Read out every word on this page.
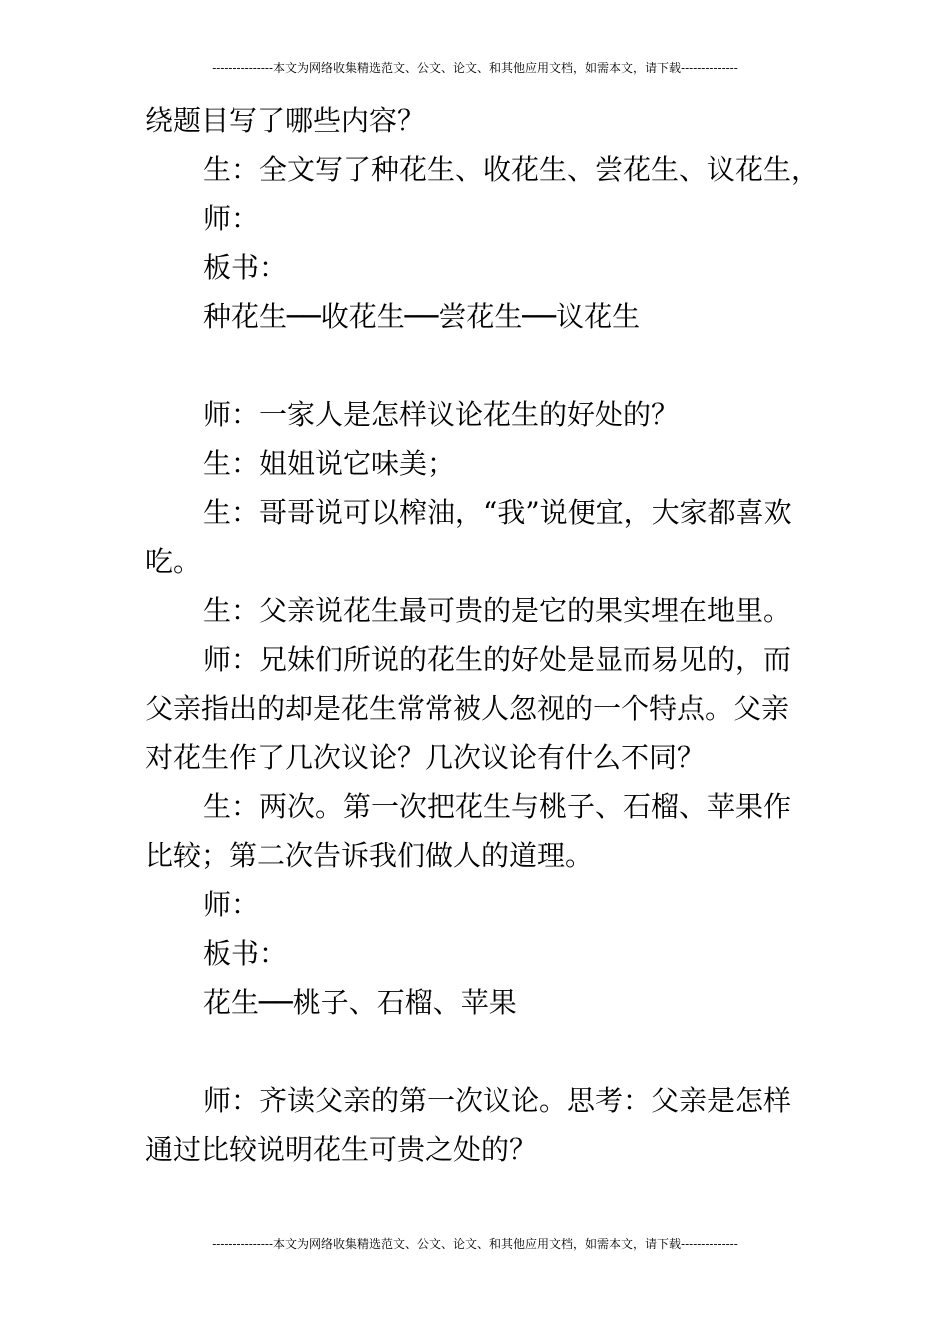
---------------本文为网络收集精选范文、公文、论文、和其他应用文档，如需本文，请下载--------------

绕题目写了哪些内容？

生：全文写了种花生、收花生、尝花生、议花生，

师：

板书：

种花生──收花生──尝花生──议花生

师：一家人是怎样议论花生的好处的？

生：姐姐说它味美；

生：哥哥说可以榨油，“我”说便宜，大家都喜欢

吃。

生：父亲说花生最可贵的是它的果实埋在地里。

师：兄妹们所说的花生的好处是显而易见的，而

父亲指出的却是花生常常被人忽视的一个特点。父亲

对花生作了几次议论？几次议论有什么不同？

生：两次。第一次把花生与桃子、石榴、苹果作

比较；第二次告诉我们做人的道理。

师：

板书：

花生──桃子、石榴、苹果

师：齐读父亲的第一次议论。思考：父亲是怎样

通过比较说明花生可贵之处的？

---------------本文为网络收集精选范文、公文、论文、和其他应用文档，如需本文，请下载--------------
